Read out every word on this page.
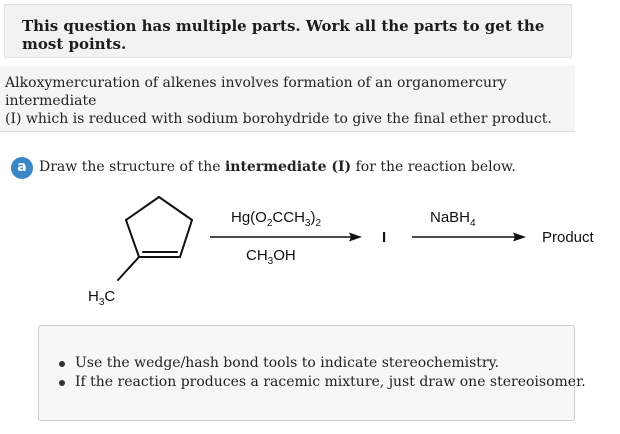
This question has multiple parts. Work all the parts to get the most points.
Alkoxymercuration of alkenes involves formation of an organomercury intermediate
(I) which is reduced with sodium borohydride to give the final ether product.
a Draw the structure of the intermediate (I) for the reaction below.
$H_3C$
$Hg(O_2CCH_3)_2$
$CH_3OH$
I
NaBH$_4$
Product
Use the wedge/hash bond tools to indicate stereochemistry.
If the reaction produces a racemic mixture, just draw one stereoisomer.
